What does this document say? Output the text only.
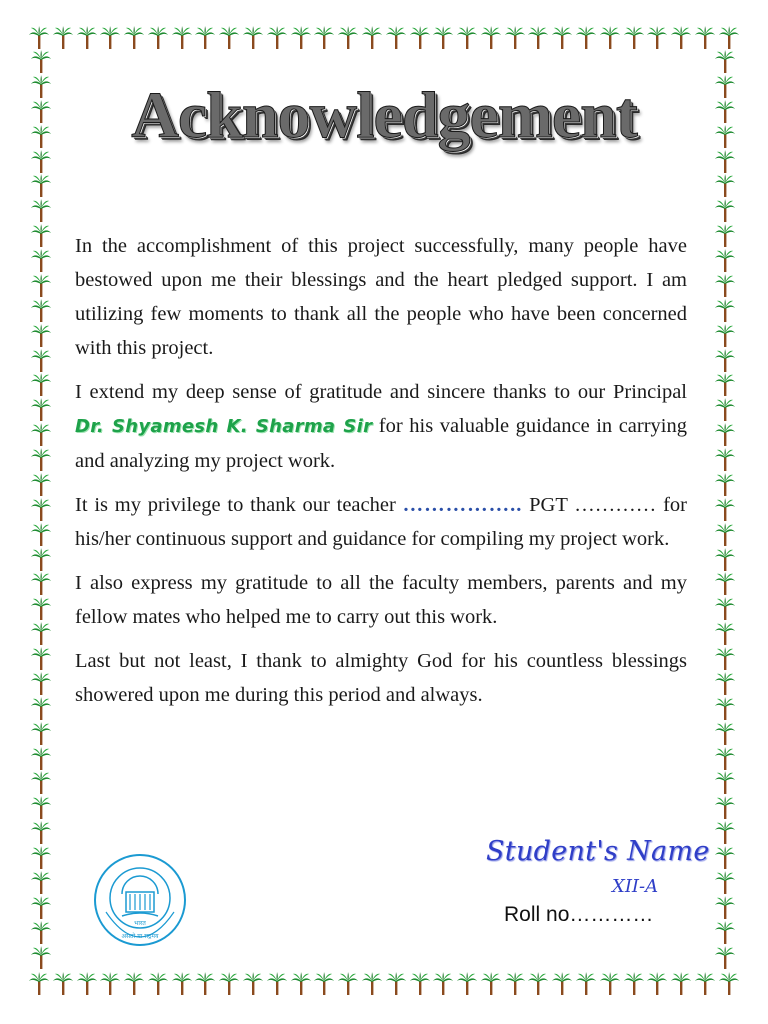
Acknowledgement

In the accomplishment of this project successfully, many people have bestowed upon me their blessings and the heart pledged support. I am utilizing few moments to thank all the people who have been concerned with this project.

I extend my deep sense of gratitude and sincere thanks to our Principal Dr. Shyamesh K. Sharma Sir for his valuable guidance in carrying and analyzing my project work.

It is my privilege to thank our teacher …………….. PGT ………… for his/her continuous support and guidance for compiling my project work.

I also express my gratitude to all the faculty members, parents and my fellow mates who helped me to carry out this work.

Last but not least, I thank to almighty God for his countless blessings showered upon me during this period and always.

भारत
असतो मा सद्गमय
Student's Name
XII-A
Roll no…………
